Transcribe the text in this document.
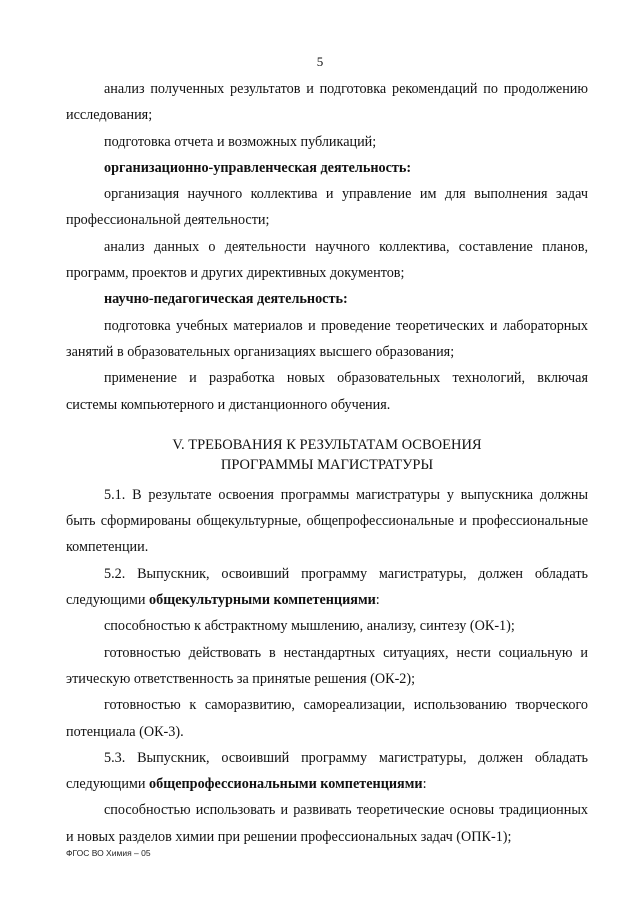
5

анализ полученных результатов и подготовка рекомендаций по продолжению исследования;

подготовка отчета и возможных публикаций;

организационно-управленческая деятельность:

организация научного коллектива и управление им для выполнения задач профессиональной деятельности;

анализ данных о деятельности научного коллектива, составление планов, программ, проектов и других директивных документов;

научно-педагогическая деятельность:

подготовка учебных материалов и проведение теоретических и лабораторных занятий в образовательных организациях высшего образования;

применение и разработка новых образовательных технологий, включая системы компьютерного и дистанционного обучения.

V. ТРЕБОВАНИЯ К РЕЗУЛЬТАТАМ ОСВОЕНИЯ
ПРОГРАММЫ МАГИСТРАТУРЫ

5.1. В результате освоения программы магистратуры у выпускника должны быть сформированы общекультурные, общепрофессиональные и профессиональные компетенции.

5.2. Выпускник, освоивший программу магистратуры, должен обладать следующими общекультурными компетенциями:

способностью к абстрактному мышлению, анализу, синтезу (ОК-1);

готовностью действовать в нестандартных ситуациях, нести социальную и этическую ответственность за принятые решения (ОК-2);

готовностью к саморазвитию, самореализации, использованию творческого потенциала (ОК-3).

5.3. Выпускник, освоивший программу магистратуры, должен обладать следующими общепрофессиональными компетенциями:

способностью использовать и развивать теоретические основы традиционных и новых разделов химии при решении профессиональных задач (ОПК-1);

ФГОС ВО Химия – 05
